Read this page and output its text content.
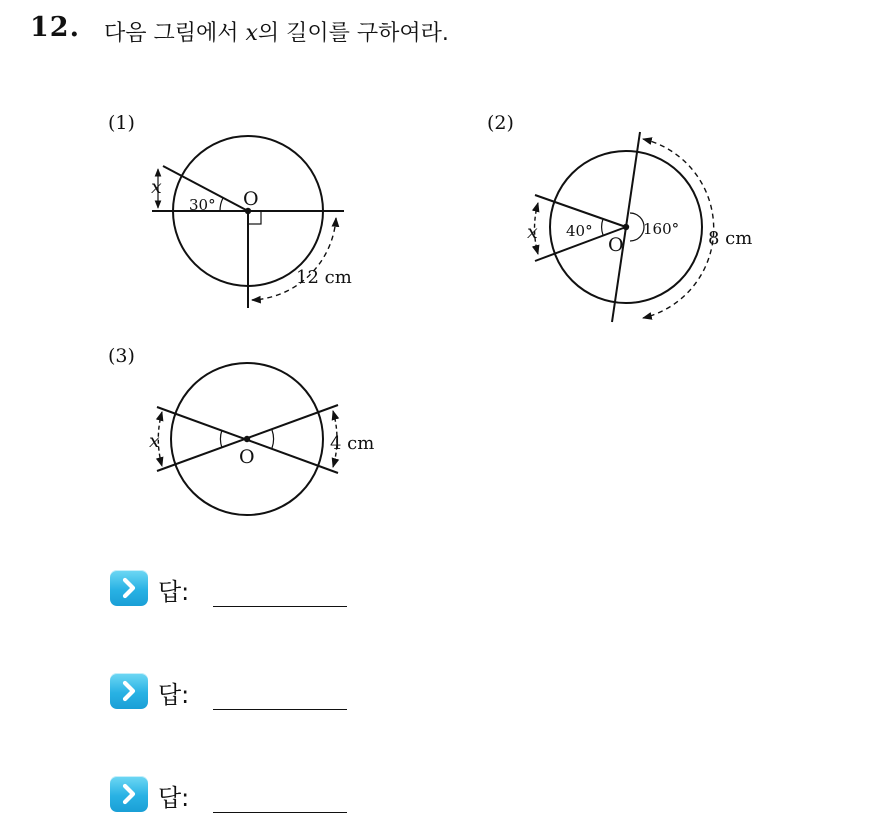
12. 다음 그림에서 x의 길이를 구하여라.
(1)
O
30°
x
12 cm
(2)
O
40°	160°
x	8 cm
(3)
O
x	4 cm
답:
답:
답:
